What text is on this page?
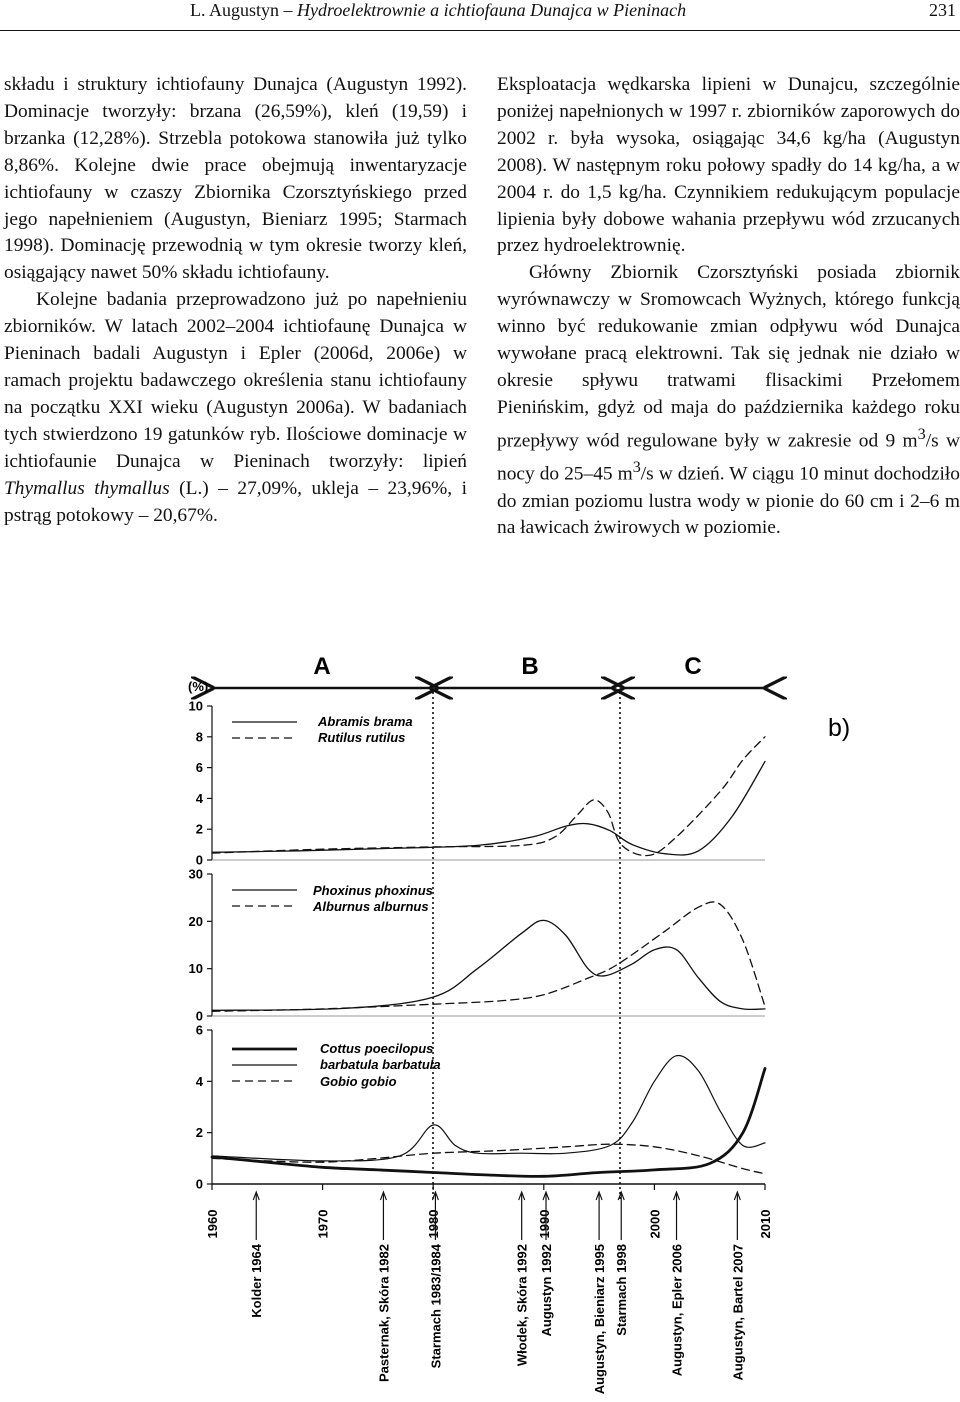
L. Augustyn – Hydroelektrownie a ichtiofauna Dunajca w Pieninach	231

składu i struktury ichtiofauny Dunajca (Augustyn 1992). Dominacje tworzyły: brzana (26,59%), kleń (19,59) i brzanka (12,28%). Strzebla potokowa stanowiła już tylko 8,86%. Kolejne dwie prace obejmują inwentaryzacje ichtiofauny w czaszy Zbiornika Czorsztyńskiego przed jego napełnieniem (Augustyn, Bieniarz 1995; Starmach 1998). Dominację przewodnią w tym okresie tworzy kleń, osiągający nawet 50% składu ichtiofauny.

Kolejne badania przeprowadzono już po napełnieniu zbiorników. W latach 2002–2004 ichtiofaunę Dunajca w Pieninach badali Augustyn i Epler (2006d, 2006e) w ramach projektu badawczego określenia stanu ichtiofauny na początku XXI wieku (Augustyn 2006a). W badaniach tych stwierdzono 19 gatunków ryb. Ilościowe dominacje w ichtiofaunie Dunajca w Pieninach tworzyły: lipień Thymallus thymallus (L.) – 27,09%, ukleja – 23,96%, i pstrąg potokowy – 20,67%.

Eksploatacja wędkarska lipieni w Dunajcu, szczególnie poniżej napełnionych w 1997 r. zbiorników zaporowych do 2002 r. była wysoka, osiągając 34,6 kg/ha (Augustyn 2008). W następnym roku połowy spadły do 14 kg/ha, a w 2004 r. do 1,5 kg/ha. Czynnikiem redukującym populacje lipienia były dobowe wahania przepływu wód zrzucanych przez hydroelektrownię.

Główny Zbiornik Czorsztyński posiada zbiornik wyrównawczy w Sromowcach Wyżnych, którego funkcją winno być redukowanie zmian odpływu wód Dunajca wywołane pracą elektrowni. Tak się jednak nie działo w okresie spływu tratwami flisackimi Przełomem Pienińskim, gdyż od maja do października każdego roku przepływy wód regulowane były w zakresie od 9 $m^3/s$ w nocy do 25–45 $m^3/s$ w dzień. W ciągu 10 minut dochodziło do zmian poziomu lustra wody w pionie do 60 cm i 2–6 m na ławicach żwirowych w poziomie.

A	B	C
(%)
b)
0
2
4
6
8
10
Abramis brama
Rutilus rutilus
0
10
20
30
Phoxinus phoxinus
Alburnus alburnus
0
2
4
6
Cottus poecilopus
barbatula barbatula
Gobio gobio
1960	1970	1980	1990	2000	2010
Kolder 1964	Pasternak, Skóra 1982	Starmach 1983/1984	Włodek, Skóra 1992 Augustyn 1992	Augustyn, Bieniarz 1995 Starmach 1998	Augustyn, Epler 2006	Augustyn, Bartel 2007
